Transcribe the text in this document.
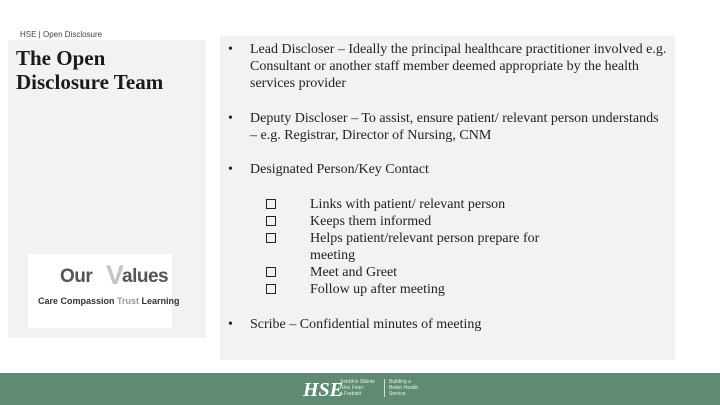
HSE | Open Disclosure
The Open Disclosure Team
Our V
alues
Care Compassion Trust Learning
•	Lead Discloser – Ideally the principal healthcare practitioner involved e.g. Consultant or another staff member deemed appropriate by the health services provider
•	Deputy Discloser – To assist, ensure patient/ relevant person understands – e.g. Registrar, Director of Nursing, CNM
•	Designated Person/Key Contact
Links with patient/ relevant person
Keeps them informed
Helps patient/relevant person prepare for meeting
Meet and Greet
Follow up after meeting
•	Scribe – Confidential minutes of meeting
HSE
Seirbhís Sláinte
Níos Fearr
á Forbairt
Building a
Better Health
Service
